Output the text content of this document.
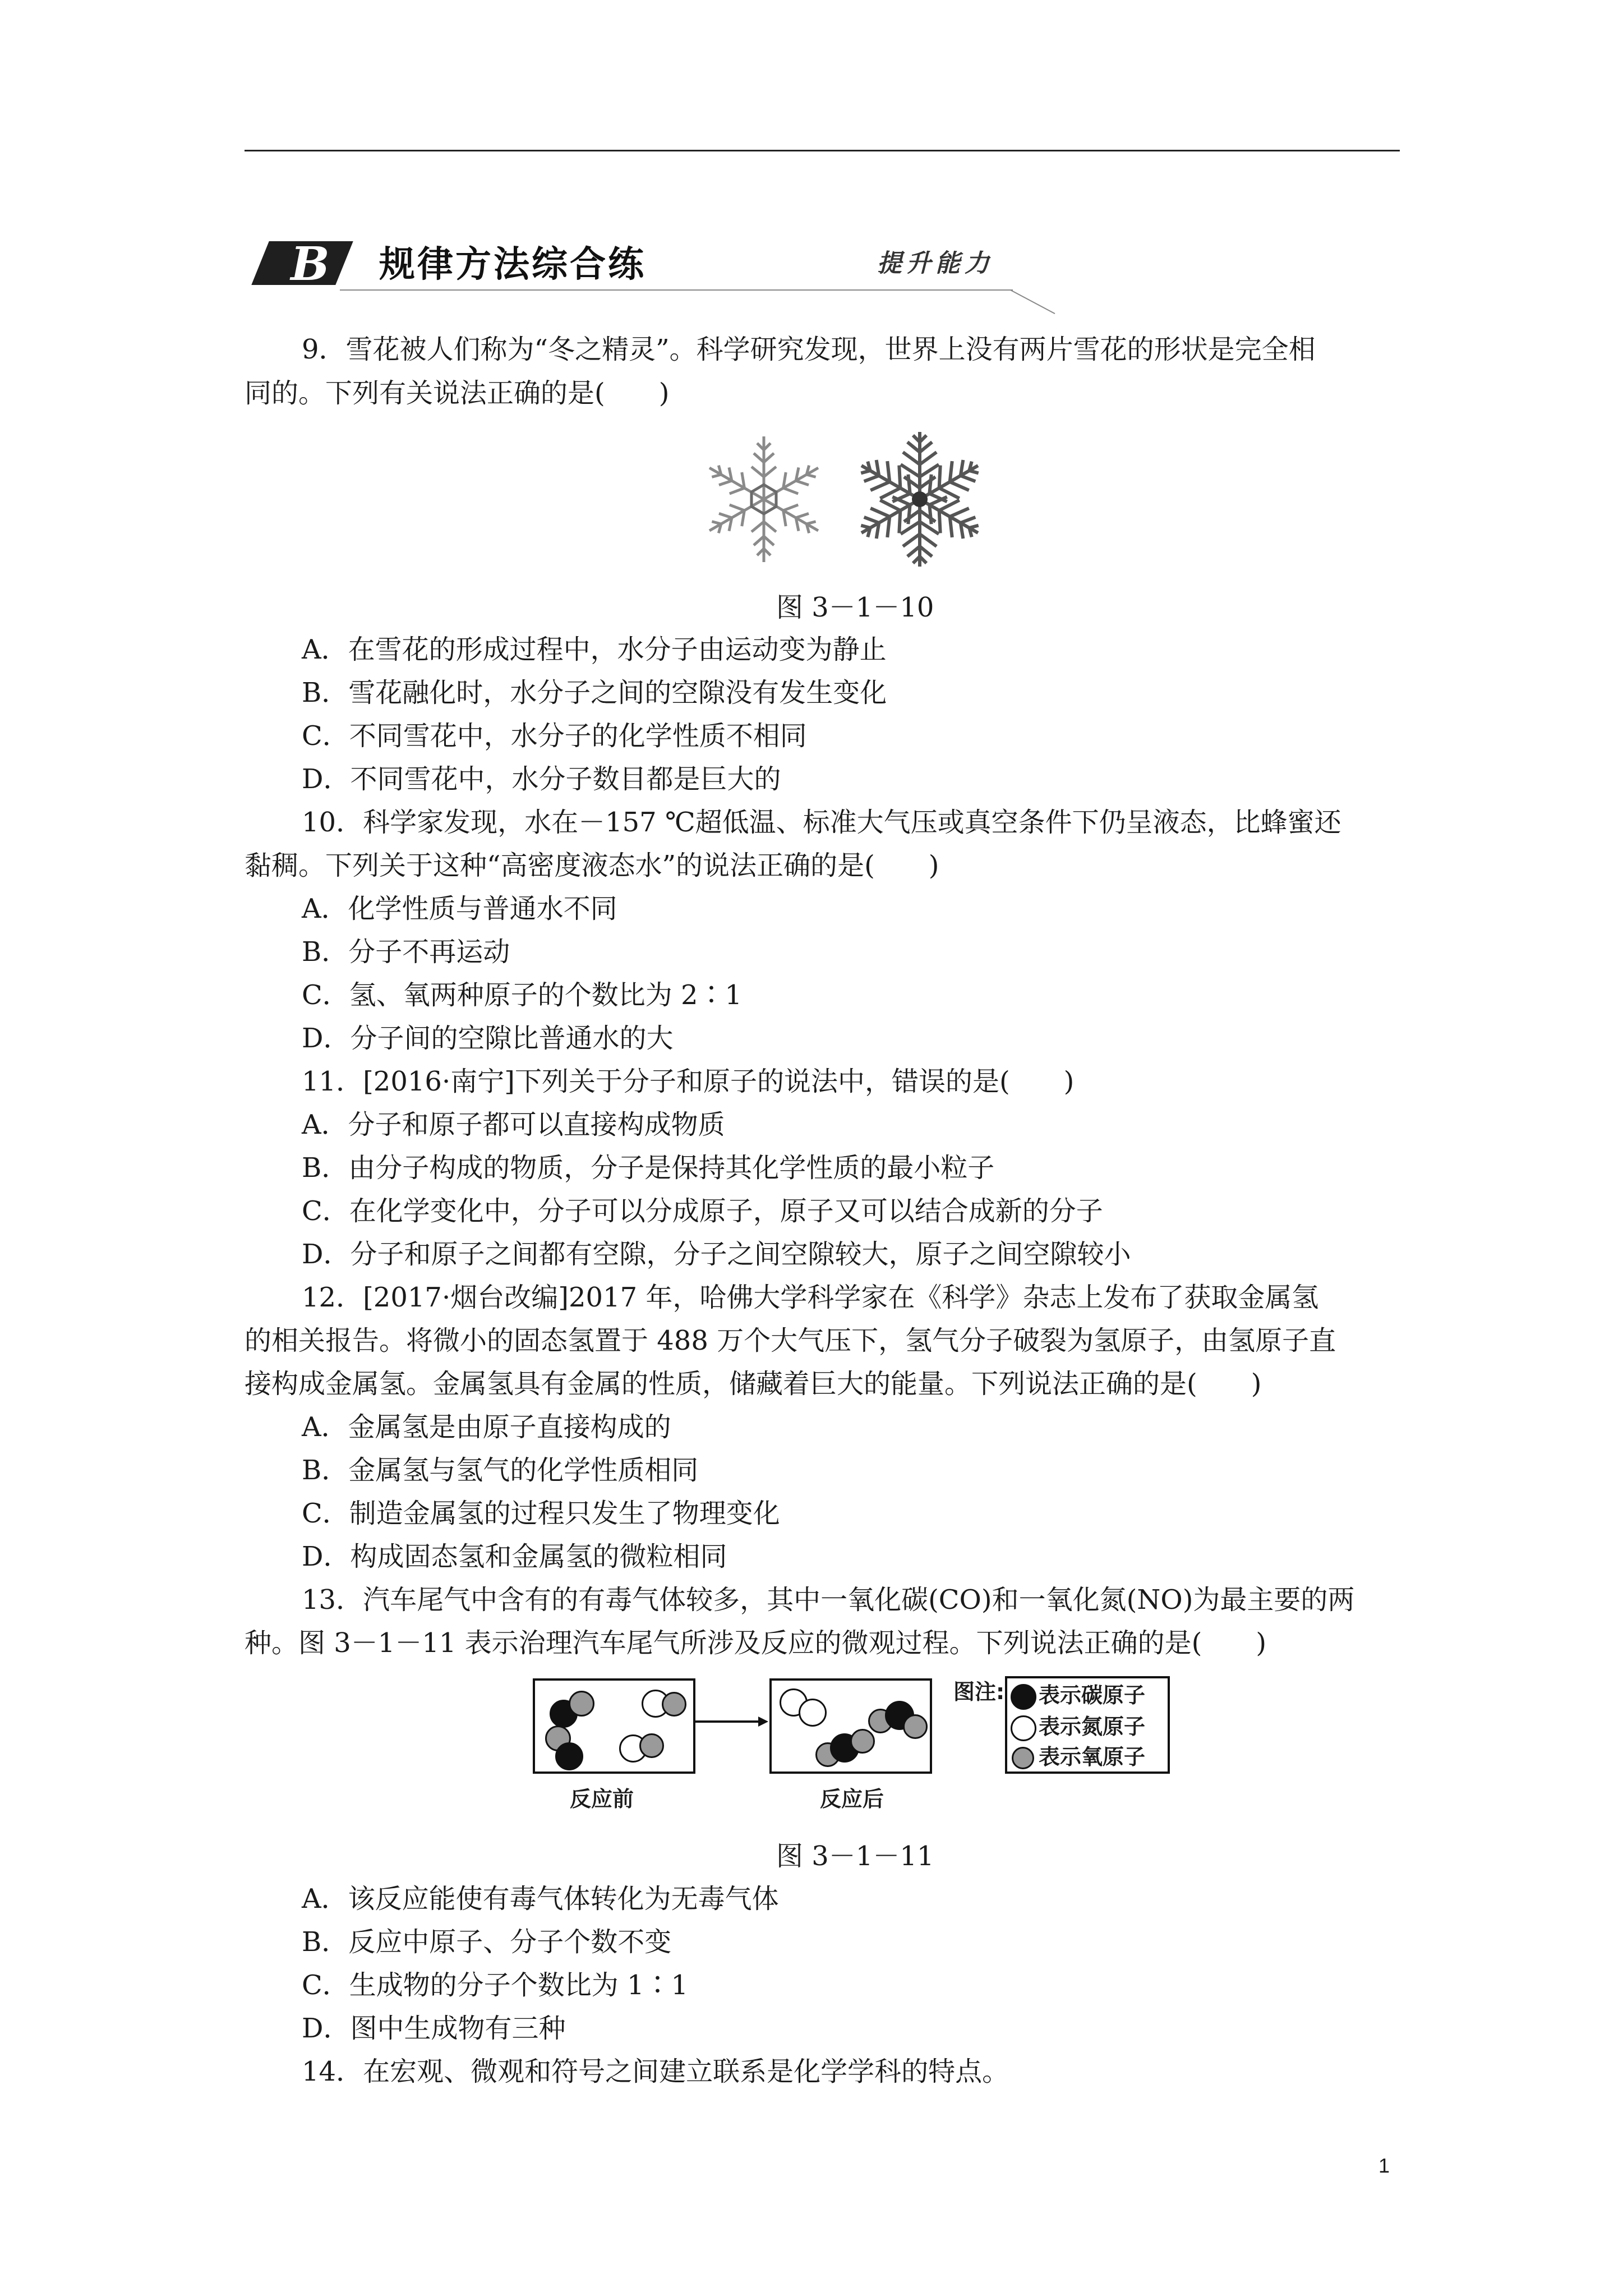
B 规律方法综合练	提升能力
9．雪花被人们称为“冬之精灵”。科学研究发现，世界上没有两片雪花的形状是完全相
同的。下列有关说法正确的是(　　)
图 3－1－10
A．在雪花的形成过程中，水分子由运动变为静止
B．雪花融化时，水分子之间的空隙没有发生变化
C．不同雪花中，水分子的化学性质不相同
D．不同雪花中，水分子数目都是巨大的
10．科学家发现，水在－157 ℃超低温、标准大气压或真空条件下仍呈液态，比蜂蜜还
黏稠。下列关于这种“高密度液态水”的说法正确的是(　　)
A．化学性质与普通水不同
B．分子不再运动
C．氢、氧两种原子的个数比为 2∶1
D．分子间的空隙比普通水的大
11．[2016·南宁]下列关于分子和原子的说法中，错误的是(　　)
A．分子和原子都可以直接构成物质
B．由分子构成的物质，分子是保持其化学性质的最小粒子
C．在化学变化中，分子可以分成原子，原子又可以结合成新的分子
D．分子和原子之间都有空隙，分子之间空隙较大，原子之间空隙较小
12．[2017·烟台改编]2017 年，哈佛大学科学家在《科学》杂志上发布了获取金属氢
的相关报告。将微小的固态氢置于 488 万个大气压下，氢气分子破裂为氢原子，由氢原子直
接构成金属氢。金属氢具有金属的性质，储藏着巨大的能量。下列说法正确的是(　　)
A．金属氢是由原子直接构成的
B．金属氢与氢气的化学性质相同
C．制造金属氢的过程只发生了物理变化
D．构成固态氢和金属氢的微粒相同
13．汽车尾气中含有的有毒气体较多，其中一氧化碳(CO)和一氧化氮(NO)为最主要的两
种。图 3－1－11 表示治理汽车尾气所涉及反应的微观过程。下列说法正确的是(　　)
反应前	反应后
图注: 表示碳原子
表示氮原子
表示氧原子
图 3－1－11
A．该反应能使有毒气体转化为无毒气体
B．反应中原子、分子个数不变
C．生成物的分子个数比为 1∶1
D．图中生成物有三种
14．在宏观、微观和符号之间建立联系是化学学科的特点。
1
